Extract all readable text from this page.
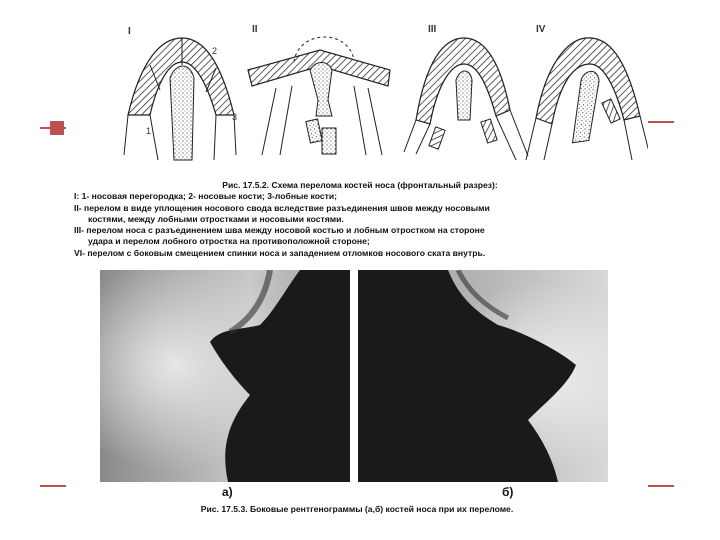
I	II	III	IV
1
2
3
Рис. 17.5.2. Схема перелома костей носа (фронтальный разрез):
I: 1- носовая перегородка; 2- носовые кости; 3-лобные кости;
II- перелом в виде уплощения носового свода вследствие разъединения швов между носовыми
костями, между лобными отростками и носовыми костями.
III- перелом носа с разъединением шва между носовой костью и лобным отростком на стороне
удара и перелом лобного отростка на противоположной стороне;
VI- перелом с боковым смещением спинки носа и западением отломков носового ската внутрь.
а)	б)
Рис. 17.5.3. Боковые рентгенограммы (а,б) костей носа при их переломе.
